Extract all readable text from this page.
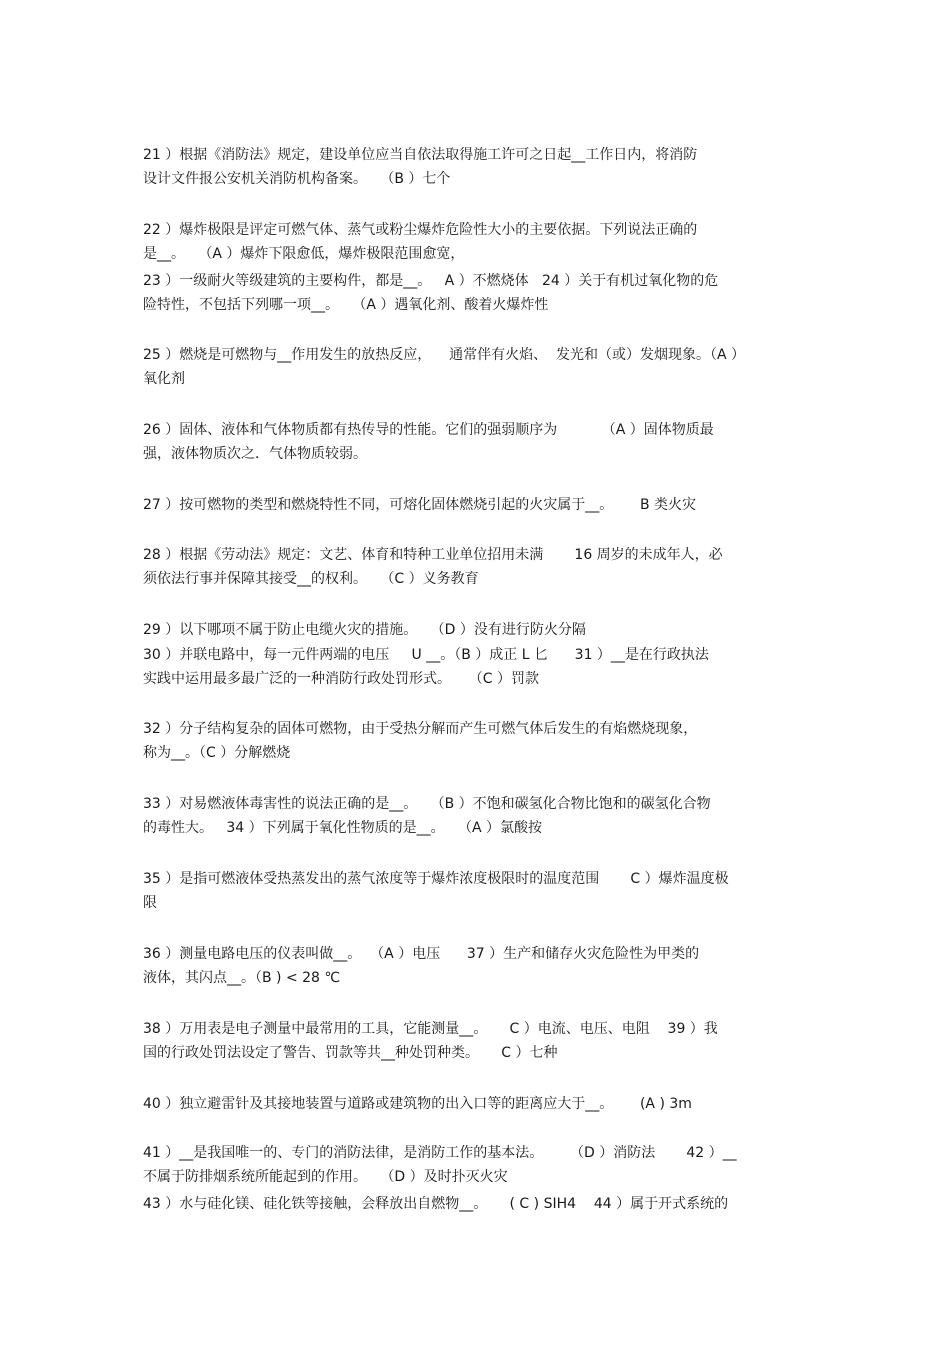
21 ）根据《消防法》规定，建设单位应当自依法取得施工许可之日起__工作日内，将消防
设计文件报公安机关消防机构备案。   （B ）七个
22 ）爆炸极限是评定可燃气体、蒸气或粉尘爆炸危险性大小的主要依据。下列说法正确的
是__。   （A ）爆炸下限愈低，爆炸极限范围愈宽，
23 ）一级耐火等级建筑的主要构件，都是__。   A ）不燃烧体   24 ）关于有机过氧化物的危
险特性，不包括下列哪一项__。   （A ）遇氧化剂、酸着火爆炸性
25 ）燃烧是可燃物与__作用发生的放热反应，    通常伴有火焰、  发光和（或）发烟现象。（A ）
氧化剂
26 ）固体、液体和气体物质都有热传导的性能。它们的强弱顺序为          （A ）固体物质最
强，液体物质次之．气体物质较弱。
27 ）按可燃物的类型和燃烧特性不同，可熔化固体燃烧引起的火灾属于__。      B 类火灾
28 ）根据《劳动法》规定：文艺、体育和特种工业单位招用未满       16 周岁的未成年人，必
须依法行事并保障其接受__的权利。   （C ）义务教育
29 ）以下哪项不属于防止电缆火灾的措施。   （D ）没有进行防火分隔
30 ）并联电路中，每一元件两端的电压     U __。（B ）成正 L 匕      31 ）__是在行政执法
实践中运用最多最广泛的一种消防行政处罚形式。    （C ）罚款
32 ）分子结构复杂的固体可燃物，由于受热分解而产生可燃气体后发生的有焰燃烧现象，
称为__。（C ）分解燃烧
33 ）对易燃液体毒害性的说法正确的是__。   （B ）不饱和碳氢化合物比饱和的碳氢化合物
的毒性大。   34 ）下列属于氧化性物质的是__。   （A ）氯酸按
35 ）是指可燃液体受热蒸发出的蒸气浓度等于爆炸浓度极限时的温度范围       C ）爆炸温度极
限
36 ）测量电路电压的仪表叫做__。  （A ）电压      37 ）生产和储存火灾危险性为甲类的
液体，其闪点__。（B ) < 28 ℃
38 ）万用表是电子测量中最常用的工具，它能测量__。     C ）电流、电压、电阻    39 ）我
国的行政处罚法设定了警告、罚款等共__种处罚种类。     C ）七种
40 ）独立避雷针及其接地装置与道路或建筑物的出入口等的距离应大于__。      (A ) 3m
41 ）__是我国唯一的、专门的消防法律，是消防工作的基本法。      （D ）消防法       42 ）__
不属于防排烟系统所能起到的作用。   （D ）及时扑灭火灾
43 ）水与硅化镁、硅化铁等接触，会释放出自燃物__。     ( C ) SIH4    44 ）属于开式系统的
